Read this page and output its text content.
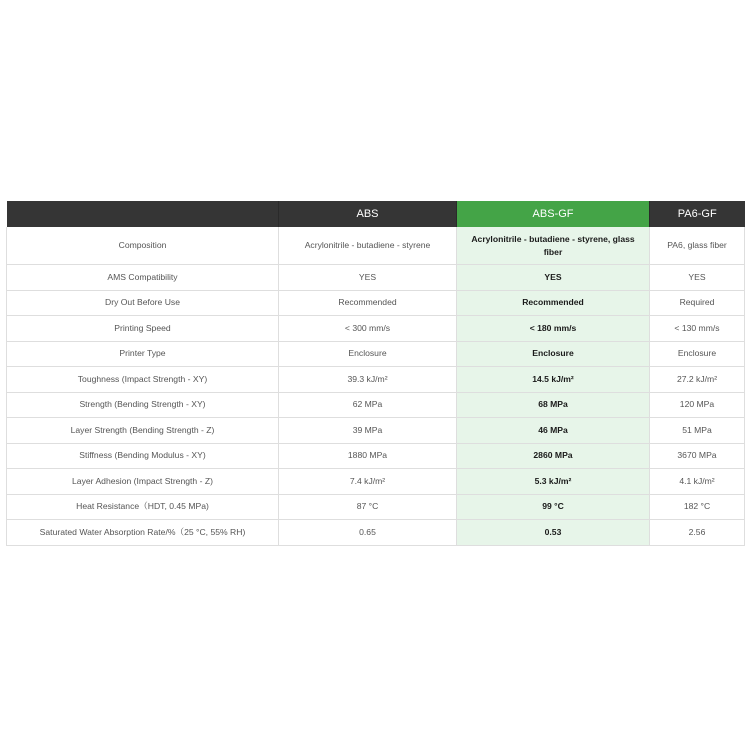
	ABS	ABS-GF	PA6-GF
Composition	Acrylonitrile - butadiene - styrene	Acrylonitrile - butadiene - styrene, glass fiber	PA6, glass fiber
AMS Compatibility	YES	YES	YES
Dry Out Before Use	Recommended	Recommended	Required
Printing Speed	< 300 mm/s	< 180 mm/s	< 130 mm/s
Printer Type	Enclosure	Enclosure	Enclosure
Toughness (Impact Strength - XY)	39.3 kJ/m²	14.5 kJ/m²	27.2 kJ/m²
Strength (Bending Strength - XY)	62 MPa	68 MPa	120 MPa
Layer Strength (Bending Strength - Z)	39 MPa	46 MPa	51 MPa
Stiffness (Bending Modulus - XY)	1880 MPa	2860 MPa	3670 MPa
Layer Adhesion (Impact Strength - Z)	7.4 kJ/m²	5.3 kJ/m²	4.1 kJ/m²
Heat Resistance（HDT, 0.45 MPa)	87 °C	99 °C	182 °C
Saturated Water Absorption Rate/%（25 °C, 55% RH)	0.65	0.53	2.56
